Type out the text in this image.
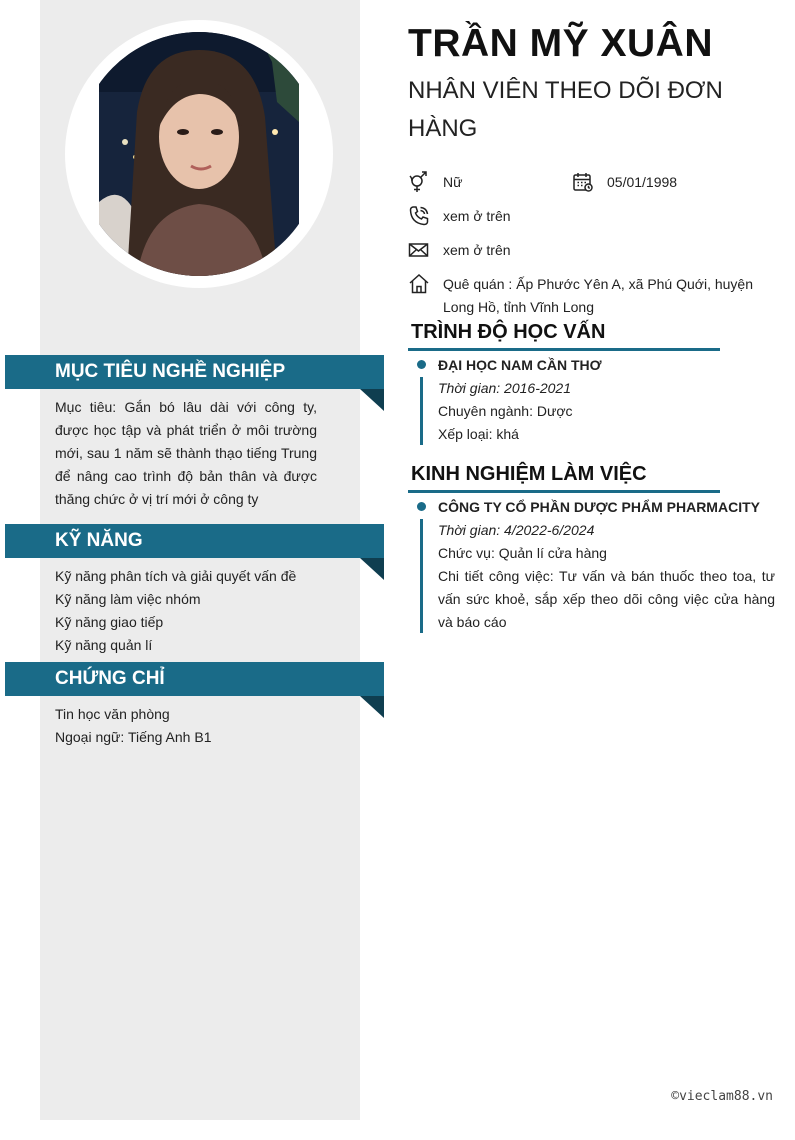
MỤC TIÊU NGHỀ NGHIỆP
Mục tiêu: Gắn bó lâu dài với công ty, được học tập và phát triển ở môi trường mới, sau 1 năm sẽ thành thạo tiếng Trung để nâng cao trình độ bản thân và được thăng chức ở vị trí mới ở công ty
KỸ NĂNG
Kỹ năng phân tích và giải quyết vấn đề
Kỹ năng làm việc nhóm
Kỹ năng giao tiếp
Kỹ năng quản lí
CHỨNG CHỈ
Tin học văn phòng
Ngoại ngữ: Tiếng Anh B1
TRẦN MỸ XUÂN
NHÂN VIÊN THEO DÕI ĐƠN HÀNG
Nữ	05/01/1998
xem ở trên
xem ở trên
Quê quán : Ấp Phước Yên A, xã Phú Quới, huyện Long Hồ, tỉnh Vĩnh Long
TRÌNH ĐỘ HỌC VẤN
ĐẠI HỌC NAM CẦN THƠ
Thời gian: 2016-2021
Chuyên ngành: Dược
Xếp loại: khá
KINH NGHIỆM LÀM VIỆC
CÔNG TY CỔ PHẦN DƯỢC PHẨM PHARMACITY
Thời gian: 4/2022-6/2024
Chức vụ: Quản lí cửa hàng
Chi tiết công việc: Tư vấn và bán thuốc theo toa, tư vấn sức khoẻ, sắp xếp theo dõi công việc cửa hàng và báo cáo
©vieclam88.vn
